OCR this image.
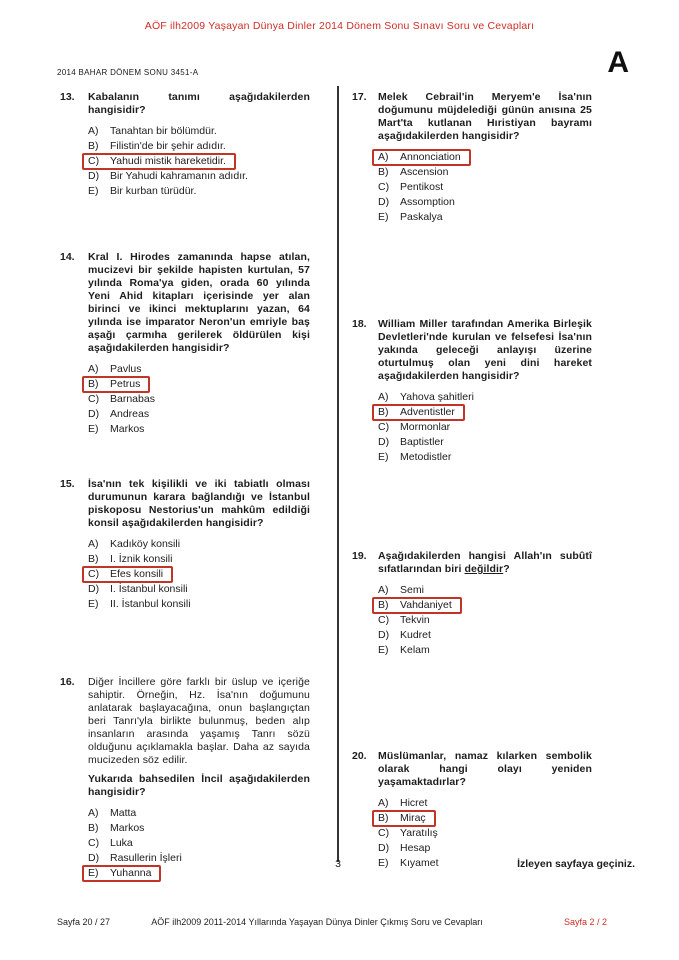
AÖF ilh2009 Yaşayan Dünya Dinler 2014 Dönem Sonu Sınavı Soru ve Cevapları
2014 BAHAR DÖNEM SONU 3451-A	A
13.	Kabalanın tanımı aşağıdakilerden hangisidir?

A)	Tanahtan bir bölümdür.
B)	Filistin'de bir şehir adıdır.
C)	Yahudi mistik hareketidir.
D)	Bir Yahudi kahramanın adıdır.
E)	Bir kurban türüdür.
14.	Kral I. Hirodes zamanında hapse atılan, mucizevi bir şekilde hapisten kurtulan, 57 yılında Roma'ya giden, orada 60 yılında Yeni Ahid kitapları içerisinde yer alan birinci ve ikinci mektuplarını yazan, 64 yılında ise imparator Neron'un emriyle baş aşağı çarmıha gerilerek öldürülen kişi aşağıdakilerden hangisidir?

A)	Pavlus
B)	Petrus
C)	Barnabas
D)	Andreas
E)	Markos
15.	İsa'nın tek kişilikli ve iki tabiatlı olması durumunun karara bağlandığı ve İstanbul piskoposu Nestorius'un mahkûm edildiği konsil aşağıdakilerden hangisidir?

A)	Kadıköy konsili
B)	I. İznik konsili
C)	Efes konsili
D)	I. İstanbul konsili
E)	II. İstanbul konsili
16.	Diğer İncillere göre farklı bir üslup ve içeriğe sahiptir. Örneğin, Hz. İsa'nın doğumunu anlatarak başlayacağına, onun başlangıçtan beri Tanrı'yla birlikte bulunmuş, beden alıp insanların arasında yaşamış Tanrı sözü olduğunu açıklamakla başlar. Daha az sayıda mucizeden söz edilir.

Yukarıda bahsedilen İncil aşağıdakilerden hangisidir?

A)	Matta
B)	Markos
C)	Luka
D)	Rasullerin İşleri
E)	Yuhanna
17.	Melek Cebrail'in Meryem'e İsa'nın doğumunu müjdelediği günün anısına 25 Mart'ta kutlanan Hıristiyan bayramı aşağıdakilerden hangisidir?

A)	Annonciation
B)	Ascension
C)	Pentikost
D)	Assomption
E)	Paskalya
18.	William Miller tarafından Amerika Birleşik Devletleri'nde kurulan ve felsefesi İsa'nın yakında geleceği anlayışı üzerine oturtulmuş olan yeni dini hareket aşağıdakilerden hangisidir?

A)	Yahova şahitleri
B)	Adventistler
C)	Mormonlar
D)	Baptistler
E)	Metodistler
19.	Aşağıdakilerden hangisi Allah'ın subûtî sıfatlarından biri değildir?

A)	Semi
B)	Vahdaniyet
C)	Tekvin
D)	Kudret
E)	Kelam
20.	Müslümanlar, namaz kılarken sembolik olarak hangi olayı yeniden yaşamaktadırlar?

A)	Hicret
B)	Miraç
C)	Yaratılış
D)	Hesap
E)	Kıyamet
3	İzleyen sayfaya geçiniz.
AÖF ilh2009 2011-2014 Yıllarında Yaşayan Dünya Dinler Çıkmış Soru ve Cevapları
Sayfa 20 / 27	Sayfa 2 / 2
